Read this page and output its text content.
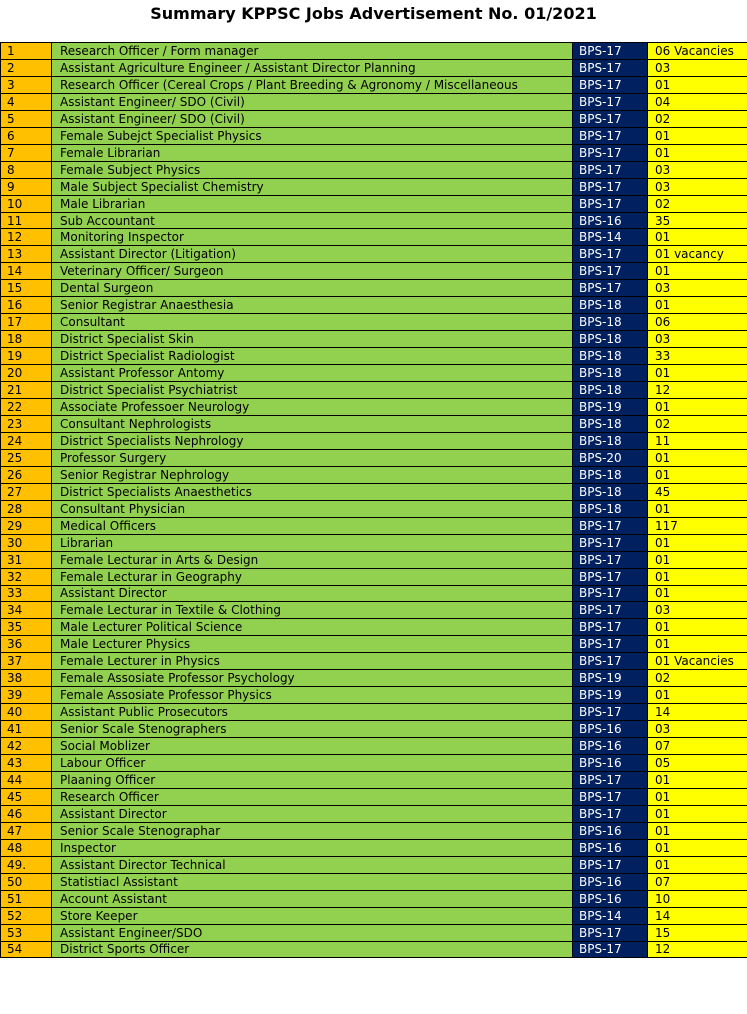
Summary KPPSC Jobs Advertisement No. 01/2021
1	Research Officer / Form manager	BPS-17	06 Vacancies
2	Assistant Agriculture Engineer / Assistant Director Planning	BPS-17	03
3	Research Officer (Cereal Crops / Plant Breeding & Agronomy / Miscellaneous	BPS-17	01
4	Assistant Engineer/ SDO (Civil)	BPS-17	04
5	Assistant Engineer/ SDO (Civil)	BPS-17	02
6	Female Subejct Specialist Physics	BPS-17	01
7	Female Librarian	BPS-17	01
8	Female Subject Physics	BPS-17	03
9	Male Subject Specialist Chemistry	BPS-17	03
10	Male Librarian	BPS-17	02
11	Sub Accountant	BPS-16	35
12	Monitoring Inspector	BPS-14	01
13	Assistant Director (Litigation)	BPS-17	01 vacancy
14	Veterinary Officer/ Surgeon	BPS-17	01
15	Dental Surgeon	BPS-17	03
16	Senior Registrar Anaesthesia	BPS-18	01
17	Consultant	BPS-18	06
18	District Specialist Skin	BPS-18	03
19	District Specialist Radiologist	BPS-18	33
20	Assistant Professor Antomy	BPS-18	01
21	District Specialist Psychiatrist	BPS-18	12
22	Associate Professoer Neurology	BPS-19	01
23	Consultant Nephrologists	BPS-18	02
24	District Specialists Nephrology	BPS-18	11
25	Professor Surgery	BPS-20	01
26	Senior Registrar Nephrology	BPS-18	01
27	District Specialists Anaesthetics	BPS-18	45
28	Consultant Physician	BPS-18	01
29	Medical Officers	BPS-17	117
30	Librarian	BPS-17	01
31	Female Lecturar in Arts & Design	BPS-17	01
32	Female Lecturar in Geography	BPS-17	01
33	Assistant Director	BPS-17	01
34	Female Lecturar in Textile & Clothing	BPS-17	03
35	Male Lecturer Political Science	BPS-17	01
36	Male Lecturer Physics	BPS-17	01
37	Female Lecturer in Physics	BPS-17	01 Vacancies
38	Female Assosiate Professor Psychology	BPS-19	02
39	Female Assosiate Professor Physics	BPS-19	01
40	Assistant Public Prosecutors	BPS-17	14
41	Senior Scale Stenographers	BPS-16	03
42	Social Moblizer	BPS-16	07
43	Labour Officer	BPS-16	05
44	Plaaning Officer	BPS-17	01
45	Research Officer	BPS-17	01
46	Assistant Director	BPS-17	01
47	Senior Scale Stenographar	BPS-16	01
48	Inspector	BPS-16	01
49.	Assistant Director Technical	BPS-17	01
50	Statistiacl Assistant	BPS-16	07
51	Account Assistant	BPS-16	10
52	Store Keeper	BPS-14	14
53	Assistant Engineer/SDO	BPS-17	15
54	District Sports Officer	BPS-17	12
